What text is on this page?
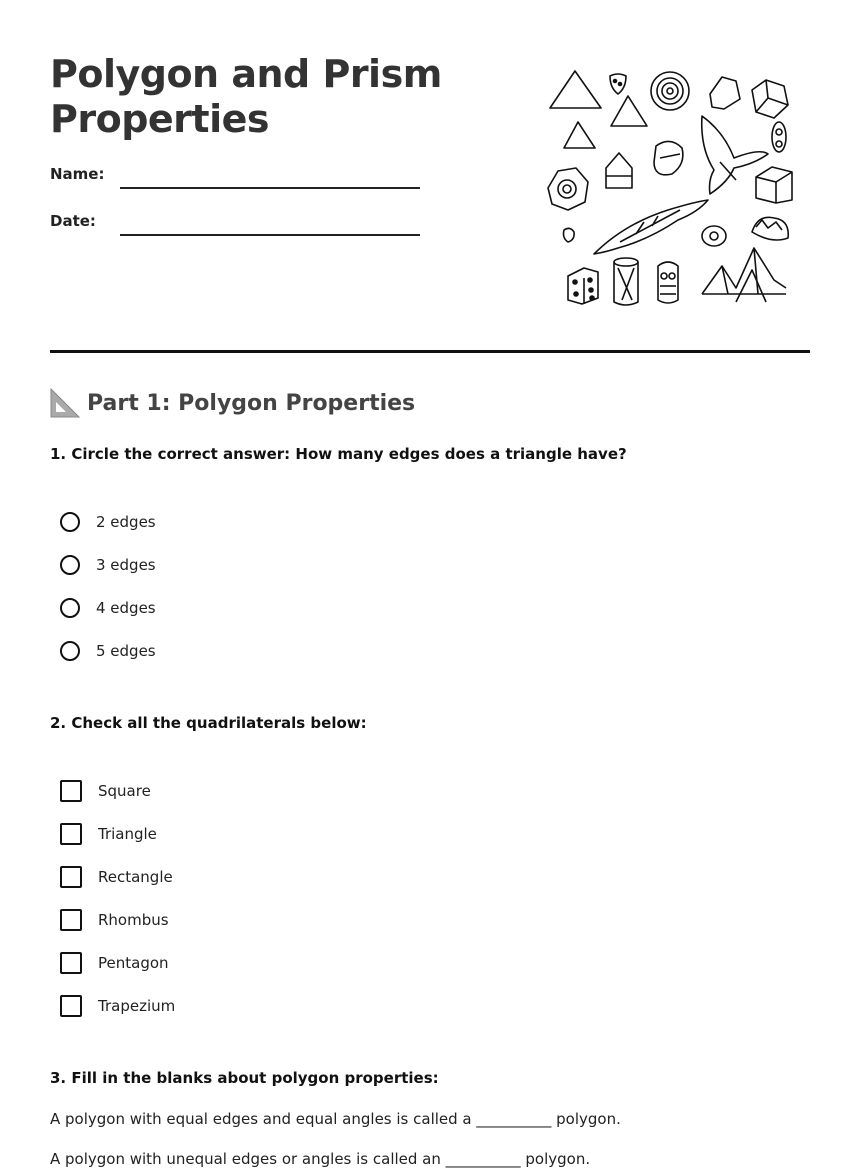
Polygon and Prism Properties
Name:
Date:
Part 1: Polygon Properties

1. Circle the correct answer: How many edges does a triangle have?

2 edges
3 edges
4 edges
5 edges

2. Check all the quadrilaterals below:

Square
Triangle
Rectangle
Rhombus
Pentagon
Trapezium

3. Fill in the blanks about polygon properties:

A polygon with equal edges and equal angles is called a __________ polygon.
A polygon with unequal edges or angles is called an __________ polygon.
